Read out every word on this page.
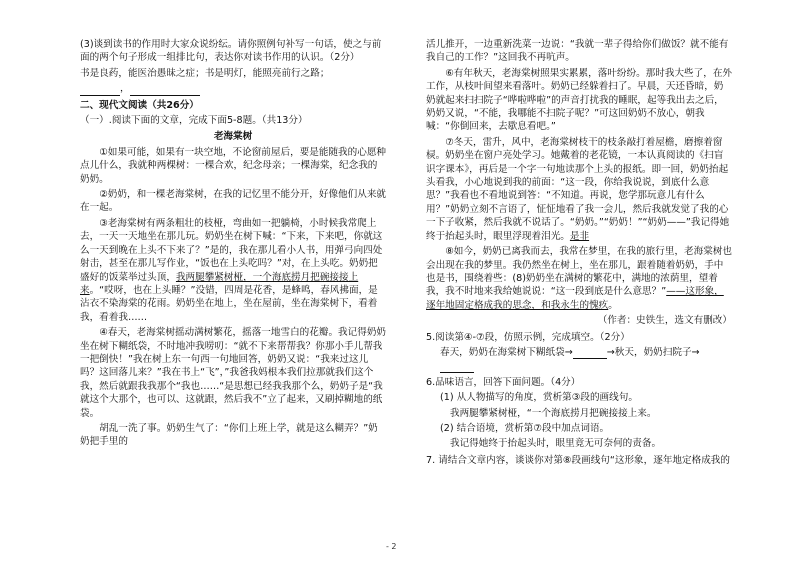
(3)谈到读书的作用时大家众说纷纭。请你照例句补写一句话，使之与前面的两个句子形成一组排比句，表达你对读书作用的认识。（2分）

书是良药，能医治愚昧之症；书是明灯，能照亮前行之路；

，

二、现代文阅读（共26分）

（一）.阅读下面的文章，完成下面5-8题。（共13分）

老海棠树

①如果可能，如果有一块空地，不论窗前屋后，要是能随我的心愿种点儿什么，我就种两棵树：一棵合欢，纪念母亲；一棵海棠，纪念我的奶奶。

②奶奶，和一棵老海棠树，在我的记忆里不能分开，好像他们从来就在一起。

③老海棠树有两条粗壮的枝桠，弯曲如一把躺椅，小时候我常爬上去，一天一天地坐在那儿玩。奶奶坐在树下喊：“下来，下来吧，你就这么一天到晚在上头不下来了？”是的，我在那儿看小人书，用弹弓向四处射击，甚至在那儿写作业，“饭也在上头吃吗？”对，在上头吃。奶奶把盛好的饭菜举过头顶，我两腿攀紧树桠，一个海底捞月把碗接接上来。“哎呀，也在上头睡？”没错，四周是花香，是蜂鸣，春风拂面，是沾衣不染海棠的花雨。奶奶坐在地上，坐在屋前，坐在海棠树下，看着我，看着我……

④春天，老海棠树摇动满树繁花，摇落一地雪白的花瓣。我记得奶奶坐在树下糊纸袋，不时地冲我唠叨：“就不下来帮帮我？你那小手儿帮我一把倒快！”我在树上东一句西一句地回答，奶奶又说：“我来过这儿吗？这回落儿来？”我在书上“飞”，”我爸我妈根本我们拉那就我们这个我，然后就跟我我那个“我也……“是思想已经我我那个么，奶奶子是“我就这个大那个，也可以、这就跟，然后我不”立了起来，又刷掉糊地的纸袋。

胡乱一洗了事。奶奶生气了：“你们上班上学，就是这么糊弄？”奶奶把手里的

活儿推开，一边重新洗菜一边说：“我就一辈子得给你们做饭？就不能有我自己的工作？”这回我不再吭声。

⑥有年秋天，老海棠树照果实累累，落叶纷纷。那时我大些了，在外工作，从枝叶间望来看落叶。奶奶已经躲着扫了。早晨，天还昏暗，奶奶就起来扫扫院子“哗啦哗啦”的声音打扰我的睡眠，起等我出去之后，奶奶又说，“不能，我哪能不扫院子呢？”可这回奶奶不放心，朝我喊：“你倒回来，去歇息看吧。”

⑦冬天，雷升，风中，老海棠树枝干的枝条敲打着屋檐，磨擦着窗棂。奶奶坐在窗户亮处学习。她戴着的老花镜，一本认真阅读的《扫盲识字课本》，再后是一个字一句地读那个上头的报纸。即一回，奶奶抬起头看我，小心地说到我的前面：“这一段，你给我说说，到底什么意思？”我看也不看地说到答：“不知道。再说，您学那玩意儿有什么用？”奶奶立刻不言语了，怔怔地看了我一会儿，然后我就发觉了我的心一下子收紧，然后我就不说话了。“奶奶。”“奶奶！”“奶奶——”我记得她终于抬起头时，眼里浮现着泪光。是非

⑧如今，奶奶已离我而去，我常在梦里，在我的旅行里，老海棠树也会出现在我的梦里。我仍然坐在树上，坐在那儿，跟着随着奶奶，手中也是书，围绕着些：(8)奶奶坐在满树的繁花中，满地的浓荫里，望着我，我不时地来我给她说说：“这一段到底是什么意思？”——这形象，逐年地固定格成我的思念，和我永生的愧疚。

（作者：史铁生，选文有删改）

5.阅读第④-⑦段，仿照示例，完成填空。（2分）

春天，奶奶在海棠树下糊纸袋→	→秋天，奶奶扫院子→

6.品味语言，回答下面问题。（4分）

(1) 从人物描写的角度，赏析第③段的画线句。

我两腿攀紧树桠，“一个海底捞月把碗接接上来。

(2) 结合语境，赏析第⑦段中加点词语。

我记得她终于抬起头时，眼里竟无可奈何的责备。

7. 请结合文章内容，谈谈你对第⑧段画线句“这形象，逐年地定格成我的

- 2
